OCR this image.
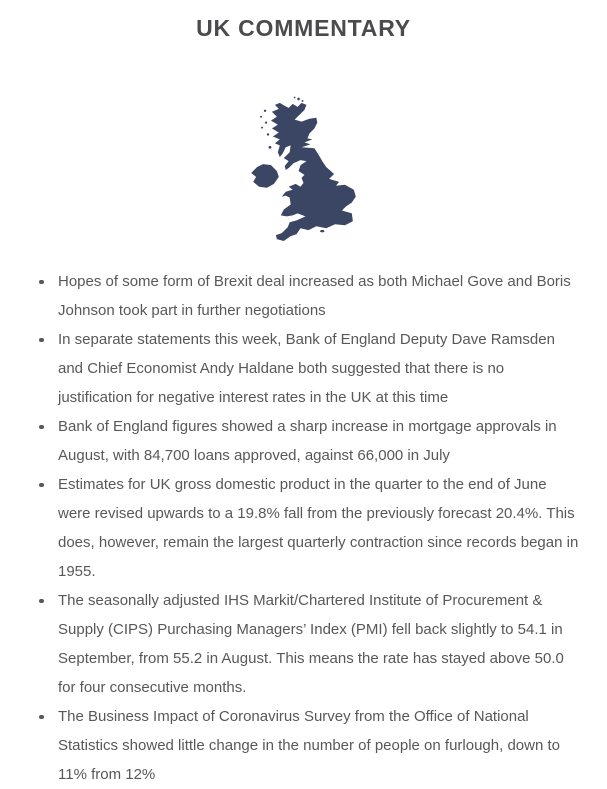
UK COMMENTARY
Hopes of some form of Brexit deal increased as both Michael Gove and Boris Johnson took part in further negotiations
In separate statements this week, Bank of England Deputy Dave Ramsden and Chief Economist Andy Haldane both suggested that there is no justification for negative interest rates in the UK at this time
Bank of England figures showed a sharp increase in mortgage approvals in August, with 84,700 loans approved, against 66,000 in July
Estimates for UK gross domestic product in the quarter to the end of June were revised upwards to a 19.8% fall from the previously forecast 20.4%. This does, however, remain the largest quarterly contraction since records began in 1955.
The seasonally adjusted IHS Markit/Chartered Institute of Procurement & Supply (CIPS) Purchasing Managers’ Index (PMI) fell back slightly to 54.1 in September, from 55.2 in August. This means the rate has stayed above 50.0 for four consecutive months.
The Business Impact of Coronavirus Survey from the Office of National Statistics showed little change in the number of people on furlough, down to 11% from 12%
